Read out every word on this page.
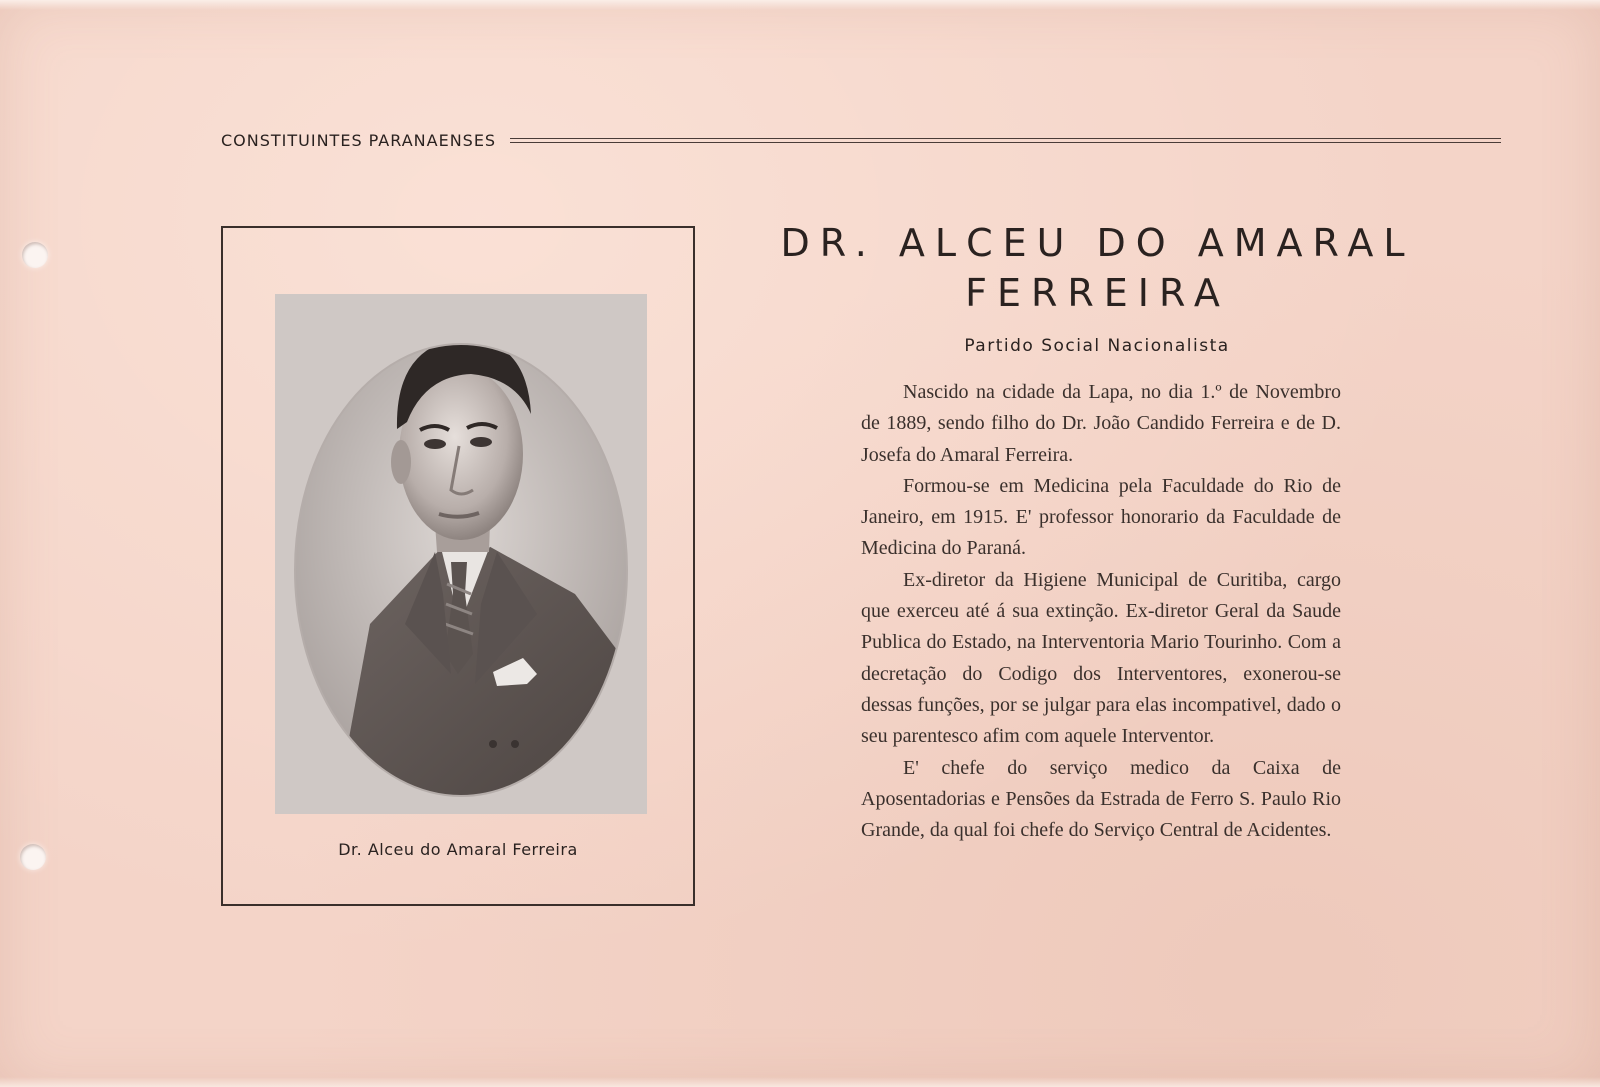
CONSTITUINTES PARANAENSES
Dr. Alceu do Amaral Ferreira
DR. ALCEU DO AMARAL
FERREIRA
Partido Social Nacionalista

Nascido na cidade da Lapa, no dia 1.º de Novembro de 1889, sendo filho do Dr. João Candido Ferreira e de D. Josefa do Amaral Ferreira.

Formou-se em Medicina pela Faculdade do Rio de Janeiro, em 1915. E' professor honorario da Faculdade de Medicina do Paraná.

Ex-diretor da Higiene Municipal de Curitiba, cargo que exerceu até á sua extinção. Ex-diretor Geral da Saude Publica do Estado, na Interventoria Mario Tourinho. Com a decretação do Codigo dos Interventores, exonerou-se dessas funções, por se julgar para elas incompativel, dado o seu parentesco afim com aquele Interventor.

E' chefe do serviço medico da Caixa de Aposentadorias e Pensões da Estrada de Ferro S. Paulo Rio Grande, da qual foi chefe do Serviço Central de Acidentes.
